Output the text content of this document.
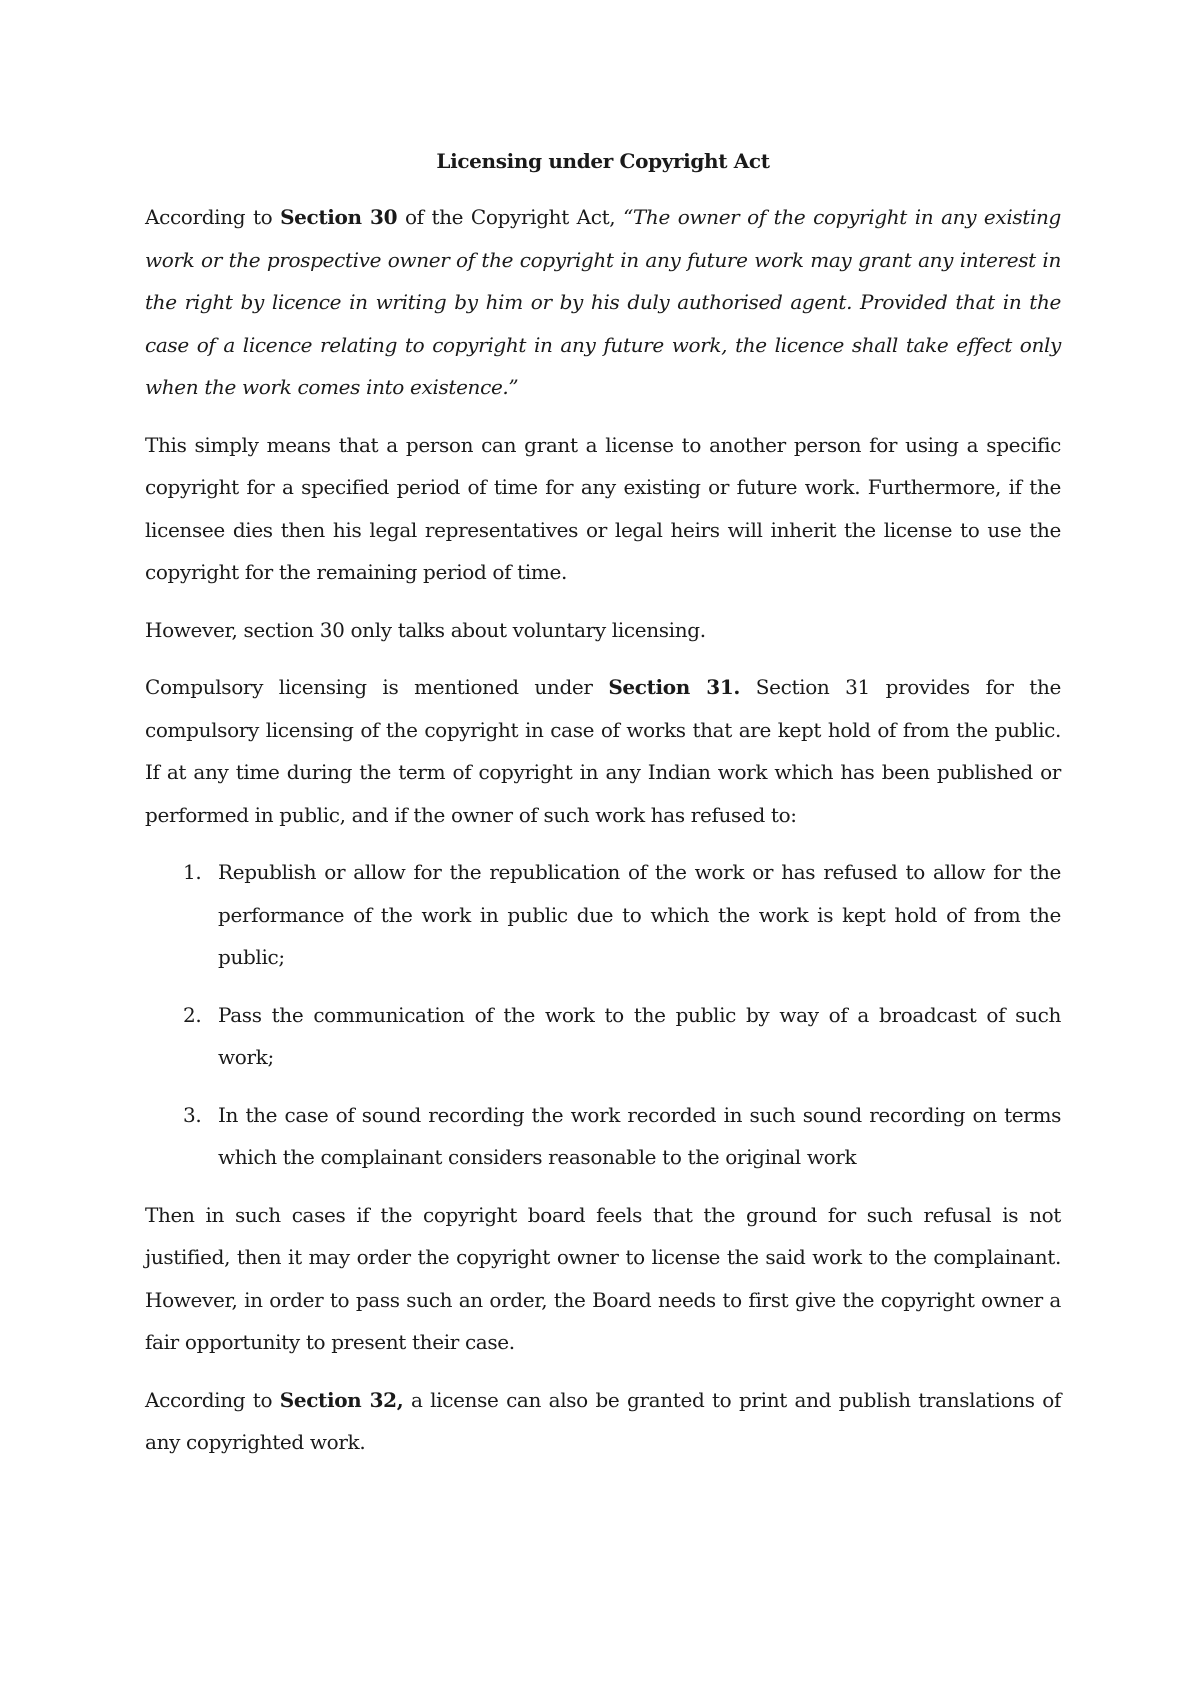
Licensing under Copyright Act

According to Section 30 of the Copyright Act, “The owner of the copyright in any existing work or the prospective owner of the copyright in any future work may grant any interest in the right by licence in writing by him or by his duly authorised agent. Provided that in the case of a licence relating to copyright in any future work, the licence shall take effect only when the work comes into existence.”

This simply means that a person can grant a license to another person for using a specific copyright for a specified period of time for any existing or future work. Furthermore, if the licensee dies then his legal representatives or legal heirs will inherit the license to use the copyright for the remaining period of time.

However, section 30 only talks about voluntary licensing.

Compulsory licensing is mentioned under Section 31. Section 31 provides for the compulsory licensing of the copyright in case of works that are kept hold of from the public. If at any time during the term of copyright in any Indian work which has been published or performed in public, and if the owner of such work has refused to:

1. Republish or allow for the republication of the work or has refused to allow for the performance of the work in public due to which the work is kept hold of from the public;
2. Pass the communication of the work to the public by way of a broadcast of such work;
3. In the case of sound recording the work recorded in such sound recording on terms which the complainant considers reasonable to the original work

Then in such cases if the copyright board feels that the ground for such refusal is not justified, then it may order the copyright owner to license the said work to the complainant. However, in order to pass such an order, the Board needs to first give the copyright owner a fair opportunity to present their case.

According to Section 32, a license can also be granted to print and publish translations of any copyrighted work.
